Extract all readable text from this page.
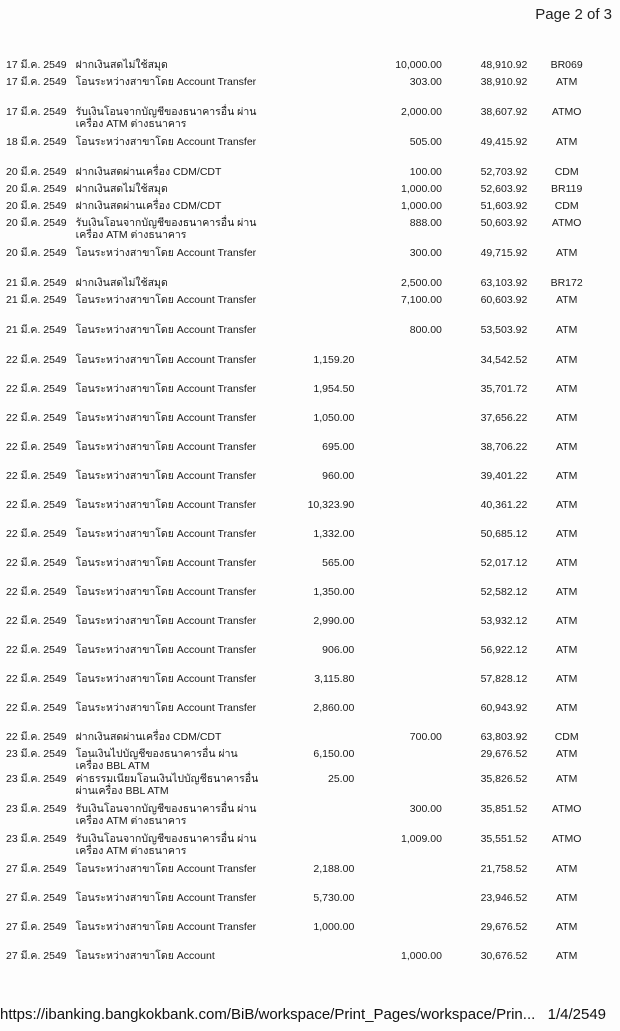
Page 2 of 3
17 มี.ค. 2549	ฝากเงินสดไม่ใช้สมุด		10,000.00	48,910.92	BR069
17 มี.ค. 2549	โอนระหว่างสาขาโดย Account Transfer		303.00	38,910.92	ATM
17 มี.ค. 2549	รับเงินโอนจากบัญชีของธนาคารอื่น ผ่านเครื่อง ATM ต่างธนาคาร		2,000.00	38,607.92	ATMO
18 มี.ค. 2549	โอนระหว่างสาขาโดย Account Transfer		505.00	49,415.92	ATM
20 มี.ค. 2549	ฝากเงินสดผ่านเครื่อง CDM/CDT		100.00	52,703.92	CDM
20 มี.ค. 2549	ฝากเงินสดไม่ใช้สมุด		1,000.00	52,603.92	BR119
20 มี.ค. 2549	ฝากเงินสดผ่านเครื่อง CDM/CDT		1,000.00	51,603.92	CDM
20 มี.ค. 2549	รับเงินโอนจากบัญชีของธนาคารอื่น ผ่านเครื่อง ATM ต่างธนาคาร		888.00	50,603.92	ATMO
20 มี.ค. 2549	โอนระหว่างสาขาโดย Account Transfer		300.00	49,715.92	ATM
21 มี.ค. 2549	ฝากเงินสดไม่ใช้สมุด		2,500.00	63,103.92	BR172
21 มี.ค. 2549	โอนระหว่างสาขาโดย Account Transfer		7,100.00	60,603.92	ATM
21 มี.ค. 2549	โอนระหว่างสาขาโดย Account Transfer		800.00	53,503.92	ATM
22 มี.ค. 2549	โอนระหว่างสาขาโดย Account Transfer	1,159.20		34,542.52	ATM
22 มี.ค. 2549	โอนระหว่างสาขาโดย Account Transfer	1,954.50		35,701.72	ATM
22 มี.ค. 2549	โอนระหว่างสาขาโดย Account Transfer	1,050.00		37,656.22	ATM
22 มี.ค. 2549	โอนระหว่างสาขาโดย Account Transfer	695.00		38,706.22	ATM
22 มี.ค. 2549	โอนระหว่างสาขาโดย Account Transfer	960.00		39,401.22	ATM
22 มี.ค. 2549	โอนระหว่างสาขาโดย Account Transfer	10,323.90		40,361.22	ATM
22 มี.ค. 2549	โอนระหว่างสาขาโดย Account Transfer	1,332.00		50,685.12	ATM
22 มี.ค. 2549	โอนระหว่างสาขาโดย Account Transfer	565.00		52,017.12	ATM
22 มี.ค. 2549	โอนระหว่างสาขาโดย Account Transfer	1,350.00		52,582.12	ATM
22 มี.ค. 2549	โอนระหว่างสาขาโดย Account Transfer	2,990.00		53,932.12	ATM
22 มี.ค. 2549	โอนระหว่างสาขาโดย Account Transfer	906.00		56,922.12	ATM
22 มี.ค. 2549	โอนระหว่างสาขาโดย Account Transfer	3,115.80		57,828.12	ATM
22 มี.ค. 2549	โอนระหว่างสาขาโดย Account Transfer	2,860.00		60,943.92	ATM
22 มี.ค. 2549	ฝากเงินสดผ่านเครื่อง CDM/CDT		700.00	63,803.92	CDM
23 มี.ค. 2549	โอนเงินไปบัญชีของธนาคารอื่น ผ่านเครื่อง BBL ATM	6,150.00		29,676.52	ATM
23 มี.ค. 2549	ค่าธรรมเนียมโอนเงินไปบัญชีธนาคารอื่นผ่านเครื่อง BBL ATM	25.00		35,826.52	ATM
23 มี.ค. 2549	รับเงินโอนจากบัญชีของธนาคารอื่น ผ่านเครื่อง ATM ต่างธนาคาร		300.00	35,851.52	ATMO
23 มี.ค. 2549	รับเงินโอนจากบัญชีของธนาคารอื่น ผ่านเครื่อง ATM ต่างธนาคาร		1,009.00	35,551.52	ATMO
27 มี.ค. 2549	โอนระหว่างสาขาโดย Account Transfer	2,188.00		21,758.52	ATM
27 มี.ค. 2549	โอนระหว่างสาขาโดย Account Transfer	5,730.00		23,946.52	ATM
27 มี.ค. 2549	โอนระหว่างสาขาโดย Account Transfer	1,000.00		29,676.52	ATM
27 มี.ค. 2549	โอนระหว่างสาขาโดย Account		1,000.00	30,676.52	ATM
https://ibanking.bangkokbank.com/BiB/workspace/Print_Pages/workspace/Prin... 1/4/2549
